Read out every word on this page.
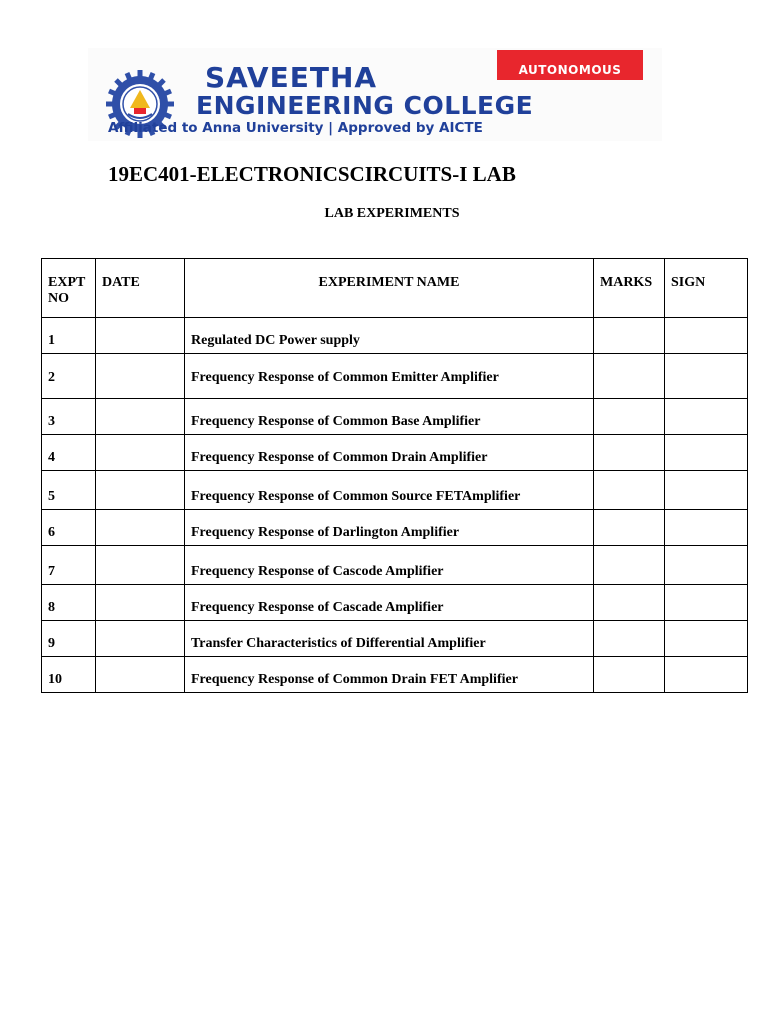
SAVEETHA
ENGINEERING COLLEGE
Affiliated to Anna University | Approved by AICTE
AUTONOMOUS
19EC401-ELECTRONICSCIRCUITS-I LAB
LAB EXPERIMENTS
EXPT NO	DATE	EXPERIMENT NAME	MARKS	SIGN
1		Regulated DC Power supply		
2		Frequency Response of Common Emitter Amplifier		
3		Frequency Response of Common Base Amplifier		
4		Frequency Response of Common Drain Amplifier		
5		Frequency Response of Common Source FETAmplifier		
6		Frequency Response of Darlington Amplifier		
7		Frequency Response of Cascode Amplifier		
8		Frequency Response of Cascade Amplifier		
9		Transfer Characteristics of Differential Amplifier		
10		Frequency Response of Common Drain FET Amplifier		
